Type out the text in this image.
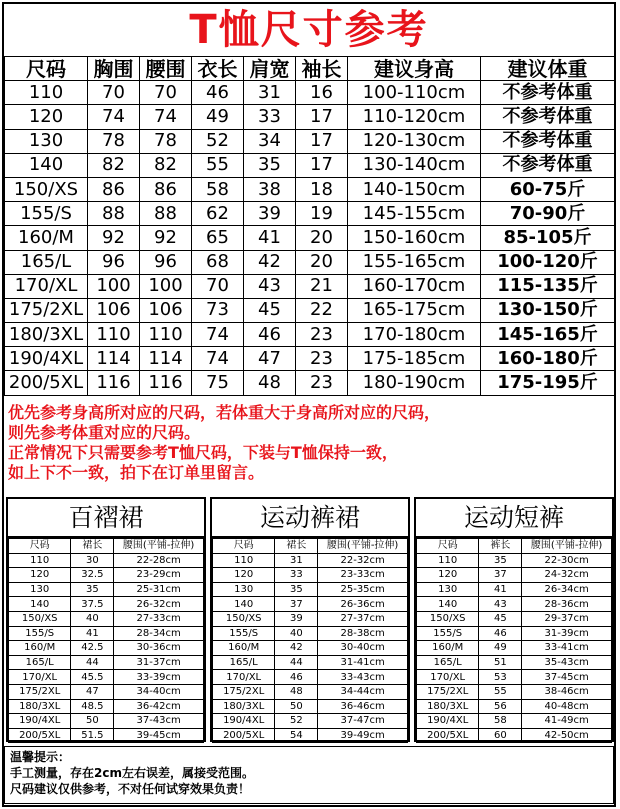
T恤尺寸参考
尺码	胸围	腰围	衣长	肩宽	袖长	建议身高	建议体重
110	70	70	46	31	16	100-110cm	不参考体重
120	74	74	49	33	17	110-120cm	不参考体重
130	78	78	52	34	17	120-130cm	不参考体重
140	82	82	55	35	17	130-140cm	不参考体重
150/XS	86	86	58	38	18	140-150cm	60-75斤
155/S	88	88	62	39	19	145-155cm	70-90斤
160/M	92	92	65	41	20	150-160cm	85-105斤
165/L	96	96	68	42	20	155-165cm	100-120斤
170/XL	100	100	70	43	21	160-170cm	115-135斤
175/2XL	106	106	73	45	22	165-175cm	130-150斤
180/3XL	110	110	74	46	23	170-180cm	145-165斤
190/4XL	114	114	74	47	23	175-185cm	160-180斤
200/5XL	116	116	75	48	23	180-190cm	175-195斤
优先参考身高所对应的尺码，若体重大于身高所对应的尺码，
则先参考体重对应的尺码。
正常情况下只需要参考T恤尺码，下装与T恤保持一致，
如上下不一致，拍下在订单里留言。
百褶裙
尺码	裙长	腰围(平铺-拉伸)
110	30	22-28cm
120	32.5	23-29cm
130	35	25-31cm
140	37.5	26-32cm
150/XS	40	27-33cm
155/S	41	28-34cm
160/M	42.5	30-36cm
165/L	44	31-37cm
170/XL	45.5	33-39cm
175/2XL	47	34-40cm
180/3XL	48.5	36-42cm
190/4XL	50	37-43cm
200/5XL	51.5	39-45cm
运动裤裙
尺码	裙长	腰围(平铺-拉伸)
110	31	22-32cm
120	33	23-33cm
130	35	25-35cm
140	37	26-36cm
150/XS	39	27-37cm
155/S	40	28-38cm
160/M	42	30-40cm
165/L	44	31-41cm
170/XL	46	33-43cm
175/2XL	48	34-44cm
180/3XL	50	36-46cm
190/4XL	52	37-47cm
200/5XL	54	39-49cm
运动短裤
尺码	裤长	腰围(平铺-拉伸)
110	35	22-30cm
120	37	24-32cm
130	41	26-34cm
140	43	28-36cm
150/XS	45	29-37cm
155/S	46	31-39cm
160/M	49	33-41cm
165/L	51	35-43cm
170/XL	53	37-45cm
175/2XL	55	38-46cm
180/3XL	56	40-48cm
190/4XL	58	41-49cm
200/5XL	60	42-50cm
温馨提示：
手工测量，存在2cm左右误差，属接受范围。
尺码建议仅供参考，不对任何试穿效果负责！
